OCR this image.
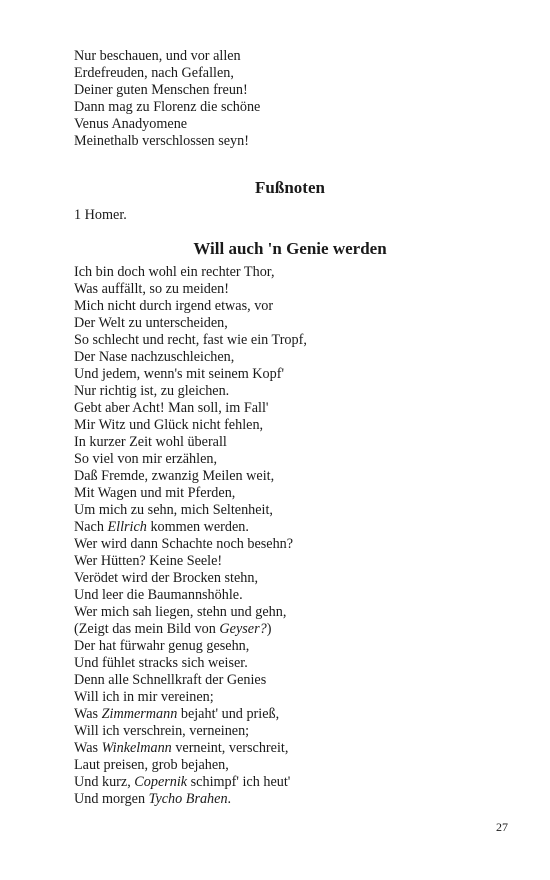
Nur beschauen, und vor allen
Erdefreuden, nach Gefallen,
Deiner guten Menschen freun!
Dann mag zu Florenz die schöne
Venus Anadyomene
Meinethalb verschlossen seyn!
Fußnoten
1 Homer.
Will auch 'n Genie werden
Ich bin doch wohl ein rechter Thor,
Was auffällt, so zu meiden!
Mich nicht durch irgend etwas, vor
Der Welt zu unterscheiden,
So schlecht und recht, fast wie ein Tropf,
Der Nase nachzuschleichen,
Und jedem, wenn's mit seinem Kopf'
Nur richtig ist, zu gleichen.
Gebt aber Acht! Man soll, im Fall'
Mir Witz und Glück nicht fehlen,
In kurzer Zeit wohl überall
So viel von mir erzählen,
Daß Fremde, zwanzig Meilen weit,
Mit Wagen und mit Pferden,
Um mich zu sehn, mich Seltenheit,
Nach Ellrich kommen werden.
Wer wird dann Schachte noch besehn?
Wer Hütten? Keine Seele!
Verödet wird der Brocken stehn,
Und leer die Baumannshöhle.
Wer mich sah liegen, stehn und gehn,
(Zeigt das mein Bild von Geyser?)
Der hat fürwahr genug gesehn,
Und fühlet stracks sich weiser.
Denn alle Schnellkraft der Genies
Will ich in mir vereinen;
Was Zimmermann bejaht' und prieß,
Will ich verschrein, verneinen;
Was Winkelmann verneint, verschreit,
Laut preisen, grob bejahen,
Und kurz, Copernik schimpf' ich heut'
Und morgen Tycho Brahen.
27
